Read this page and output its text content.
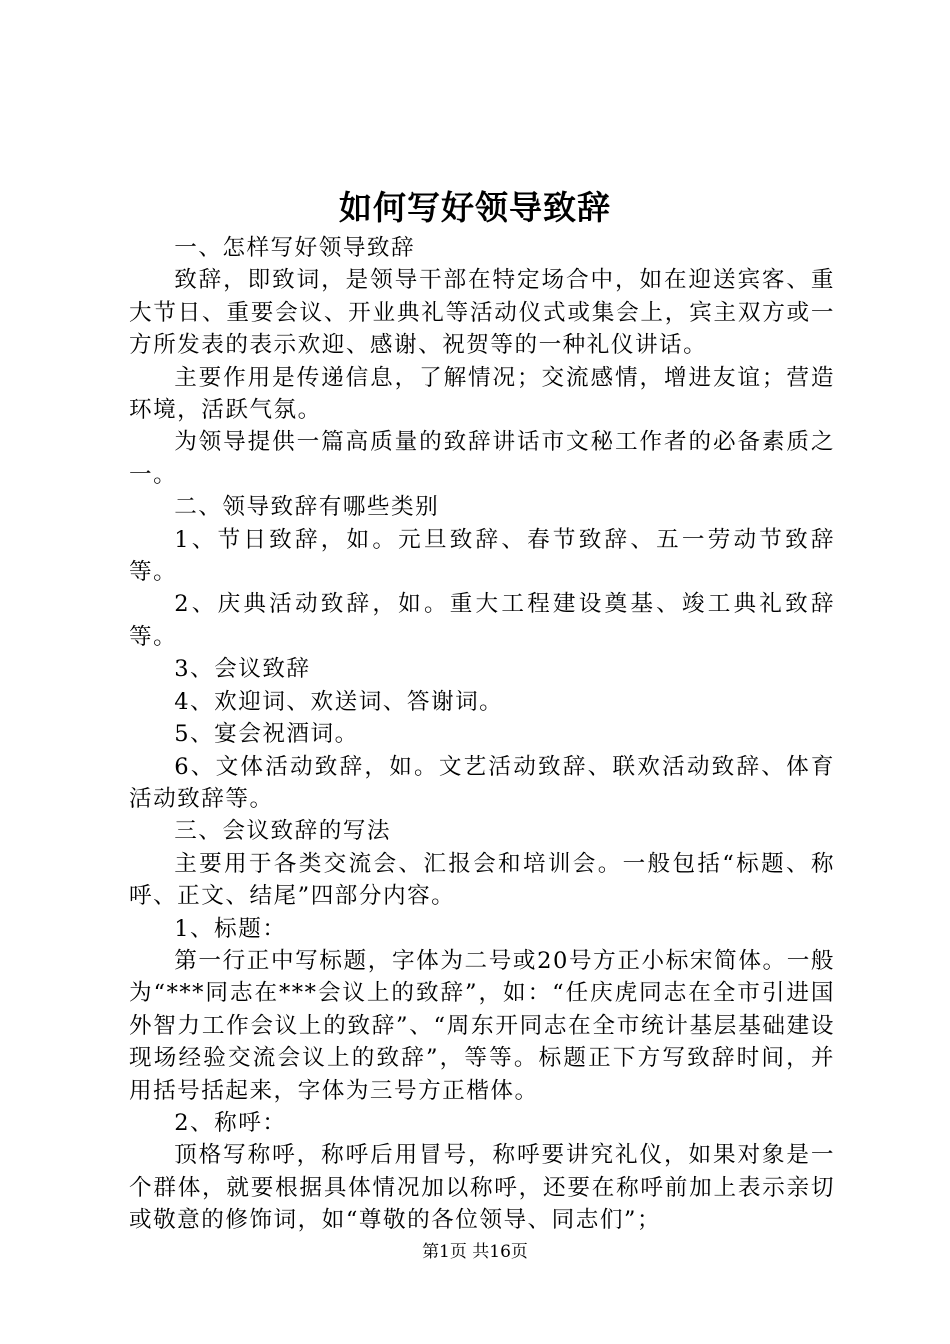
如何写好领导致辞

一、怎样写好领导致辞

致辞，即致词，是领导干部在特定场合中，如在迎送宾客、重大节日、重要会议、开业典礼等活动仪式或集会上，宾主双方或一方所发表的表示欢迎、感谢、祝贺等的一种礼仪讲话。

主要作用是传递信息，了解情况；交流感情，增进友谊；营造环境，活跃气氛。

为领导提供一篇高质量的致辞讲话市文秘工作者的必备素质之一。

二、领导致辞有哪些类别

1、节日致辞，如。元旦致辞、春节致辞、五一劳动节致辞等。

2、庆典活动致辞，如。重大工程建设奠基、竣工典礼致辞等。

3、会议致辞

4、欢迎词、欢送词、答谢词。

5、宴会祝酒词。

6、文体活动致辞，如。文艺活动致辞、联欢活动致辞、体育活动致辞等。

三、会议致辞的写法

主要用于各类交流会、汇报会和培训会。一般包括“标题、称呼、正文、结尾”四部分内容。

1、标题：

第一行正中写标题，字体为二号或20号方正小标宋简体。一般为“***同志在***会议上的致辞”，如：“任庆虎同志在全市引进国外智力工作会议上的致辞”、“周东开同志在全市统计基层基础建设现场经验交流会议上的致辞”，等等。标题正下方写致辞时间，并用括号括起来，字体为三号方正楷体。

2、称呼：

顶格写称呼，称呼后用冒号，称呼要讲究礼仪，如果对象是一个群体，就要根据具体情况加以称呼，还要在称呼前加上表示亲切或敬意的修饰词，如“尊敬的各位领导、同志们”；

第1页 共16页
